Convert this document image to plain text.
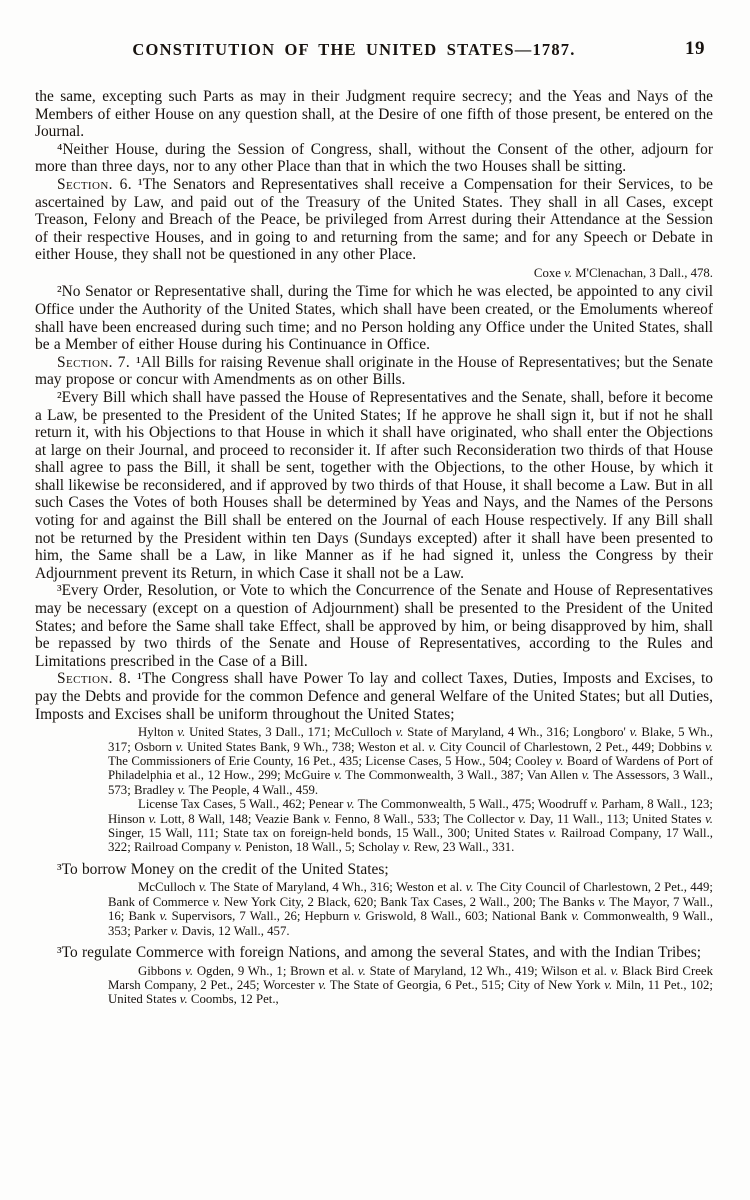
CONSTITUTION OF THE UNITED STATES—1787.	19

the same, excepting such Parts as may in their Judgment require secrecy; and the Yeas and Nays of the Members of either House on any question shall, at the Desire of one fifth of those present, be entered on the Journal.

⁴Neither House, during the Session of Congress, shall, without the Consent of the other, adjourn for more than three days, nor to any other Place than that in which the two Houses shall be sitting.

Section. 6. ¹The Senators and Representatives shall receive a Compensation for their Services, to be ascertained by Law, and paid out of the Treasury of the United States. They shall in all Cases, except Treason, Felony and Breach of the Peace, be privileged from Arrest during their Attendance at the Session of their respective Houses, and in going to and returning from the same; and for any Speech or Debate in either House, they shall not be questioned in any other Place.

Coxe v. M'Clenachan, 3 Dall., 478.

²No Senator or Representative shall, during the Time for which he was elected, be appointed to any civil Office under the Authority of the United States, which shall have been created, or the Emoluments whereof shall have been encreased during such time; and no Person holding any Office under the United States, shall be a Member of either House during his Continuance in Office.

Section. 7. ¹All Bills for raising Revenue shall originate in the House of Representatives; but the Senate may propose or concur with Amendments as on other Bills.

²Every Bill which shall have passed the House of Representatives and the Senate, shall, before it become a Law, be presented to the President of the United States; If he approve he shall sign it, but if not he shall return it, with his Objections to that House in which it shall have originated, who shall enter the Objections at large on their Journal, and proceed to reconsider it. If after such Reconsideration two thirds of that House shall agree to pass the Bill, it shall be sent, together with the Objections, to the other House, by which it shall likewise be reconsidered, and if approved by two thirds of that House, it shall become a Law. But in all such Cases the Votes of both Houses shall be determined by Yeas and Nays, and the Names of the Persons voting for and against the Bill shall be entered on the Journal of each House respectively. If any Bill shall not be returned by the President within ten Days (Sundays excepted) after it shall have been presented to him, the Same shall be a Law, in like Manner as if he had signed it, unless the Congress by their Adjournment prevent its Return, in which Case it shall not be a Law.

³Every Order, Resolution, or Vote to which the Concurrence of the Senate and House of Representatives may be necessary (except on a question of Adjournment) shall be presented to the President of the United States; and before the Same shall take Effect, shall be approved by him, or being disapproved by him, shall be repassed by two thirds of the Senate and House of Representatives, according to the Rules and Limitations prescribed in the Case of a Bill.

Section. 8. ¹The Congress shall have Power To lay and collect Taxes, Duties, Imposts and Excises, to pay the Debts and provide for the common Defence and general Welfare of the United States; but all Duties, Imposts and Excises shall be uniform throughout the United States;

Hylton v. United States, 3 Dall., 171; McCulloch v. State of Maryland, 4 Wh., 316; Longboro' v. Blake, 5 Wh., 317; Osborn v. United States Bank, 9 Wh., 738; Weston et al. v. City Council of Charlestown, 2 Pet., 449; Dobbins v. The Commissioners of Erie County, 16 Pet., 435; License Cases, 5 How., 504; Cooley v. Board of Wardens of Port of Philadelphia et al., 12 How., 299; McGuire v. The Commonwealth, 3 Wall., 387; Van Allen v. The Assessors, 3 Wall., 573; Bradley v. The People, 4 Wall., 459.

License Tax Cases, 5 Wall., 462; Penear v. The Commonwealth, 5 Wall., 475; Woodruff v. Parham, 8 Wall., 123; Hinson v. Lott, 8 Wall, 148; Veazie Bank v. Fenno, 8 Wall., 533; The Collector v. Day, 11 Wall., 113; United States v. Singer, 15 Wall, 111; State tax on foreign-held bonds, 15 Wall., 300; United States v. Railroad Company, 17 Wall., 322; Railroad Company v. Peniston, 18 Wall., 5; Scholay v. Rew, 23 Wall., 331.

³To borrow Money on the credit of the United States;

McCulloch v. The State of Maryland, 4 Wh., 316; Weston et al. v. The City Council of Charlestown, 2 Pet., 449; Bank of Commerce v. New York City, 2 Black, 620; Bank Tax Cases, 2 Wall., 200; The Banks v. The Mayor, 7 Wall., 16; Bank v. Supervisors, 7 Wall., 26; Hepburn v. Griswold, 8 Wall., 603; National Bank v. Commonwealth, 9 Wall., 353; Parker v. Davis, 12 Wall., 457.

³To regulate Commerce with foreign Nations, and among the several States, and with the Indian Tribes;

Gibbons v. Ogden, 9 Wh., 1; Brown et al. v. State of Maryland, 12 Wh., 419; Wilson et al. v. Black Bird Creek Marsh Company, 2 Pet., 245; Worcester v. The State of Georgia, 6 Pet., 515; City of New York v. Miln, 11 Pet., 102; United States v. Coombs, 12 Pet.,
